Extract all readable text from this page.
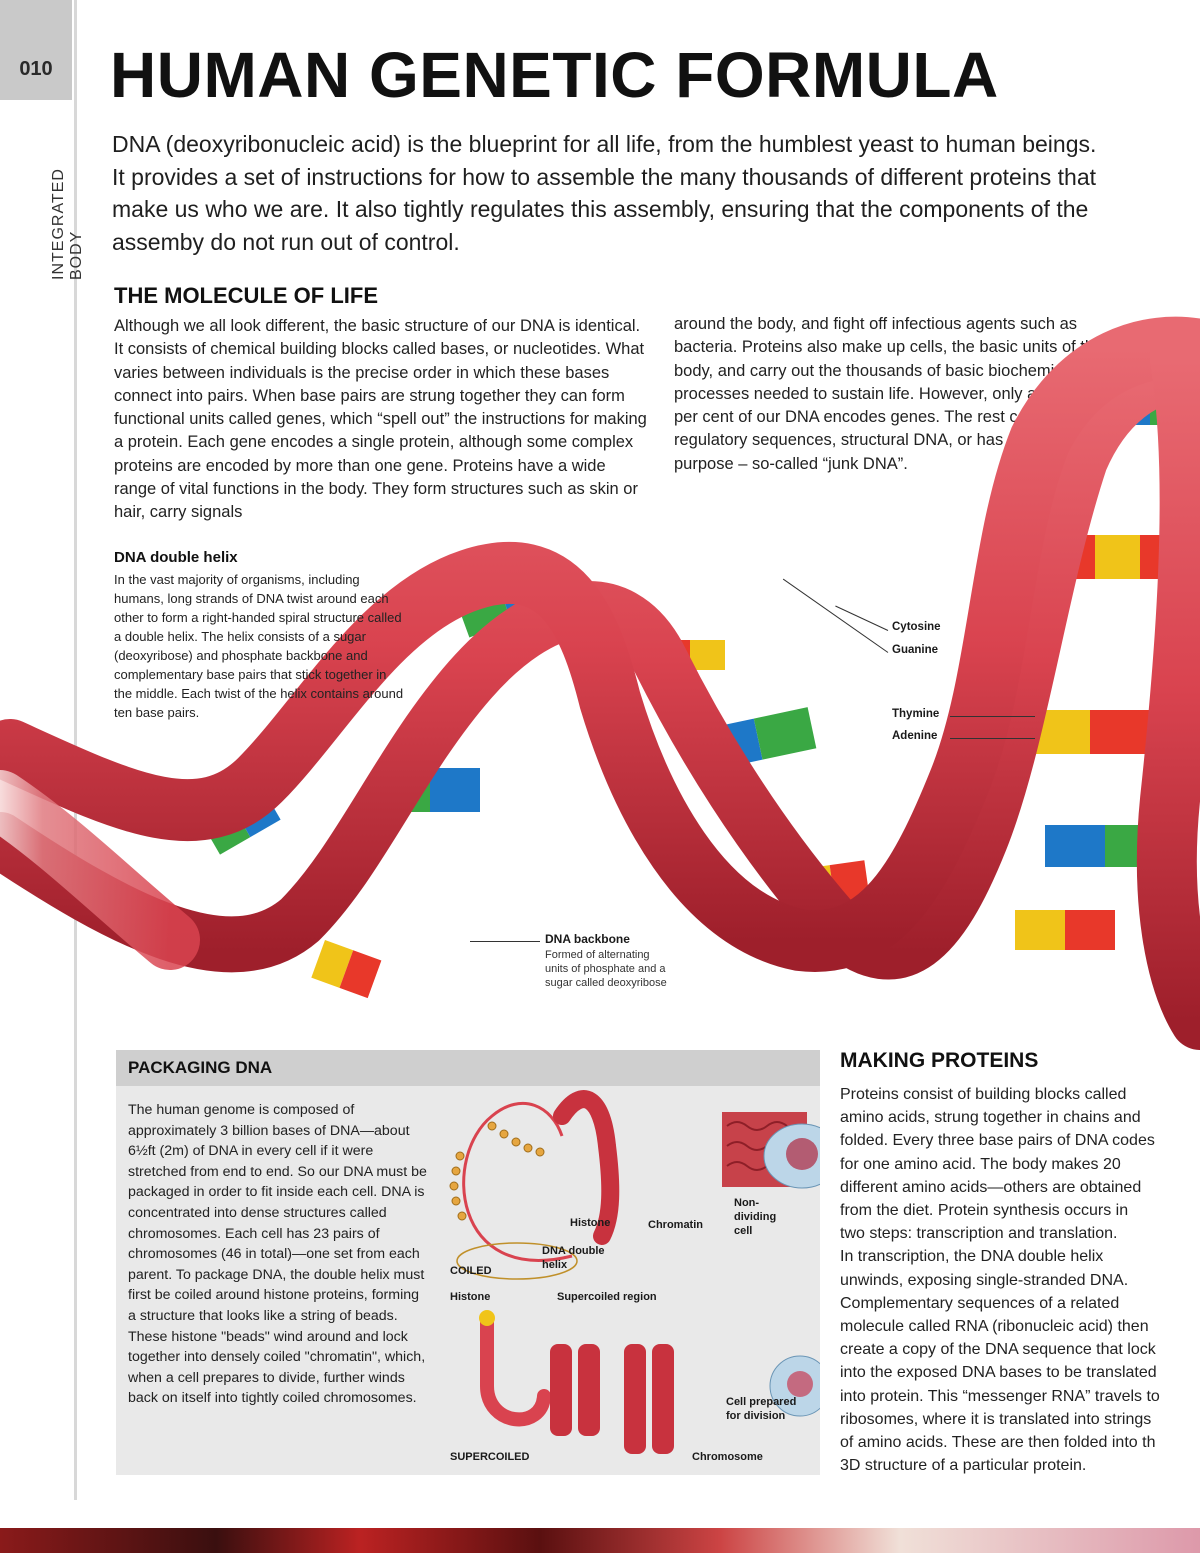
010
INTEGRATED BODY
HUMAN GENETIC FORMULA

DNA (deoxyribonucleic acid) is the blueprint for all life, from the humblest yeast to human beings. It provides a set of instructions for how to assemble the many thousands of different proteins that make us who we are. It also tightly regulates this assembly, ensuring that the components of the assemby do not run out of control.

THE MOLECULE OF LIFE

Although we all look different, the basic structure of our DNA is identical. It consists of chemical building blocks called bases, or nucleotides. What varies between individuals is the precise order in which these bases connect into pairs. When base pairs are strung together they can form functional units called genes, which “spell out” the instructions for making a protein. Each gene encodes a single protein, although some complex proteins are encoded by more than one gene. Proteins have a wide range of vital functions in the body. They form structures such as skin or hair, carry signals

around the body, and fight off infectious agents such as bacteria. Proteins also make up cells, the basic units of the body, and carry out the thousands of basic biochemical processes needed to sustain life. However, only about 1.5 per cent of our DNA encodes genes. The rest consists of regulatory sequences, structural DNA, or has no obvious purpose – so-called “junk DNA”.

DNA double helix

In the vast majority of organisms, including humans, long strands of DNA twist around each other to form a right-handed spiral structure called a double helix. The helix consists of a sugar (deoxyribose) and phosphate backbone and complementary base pairs that stick together in the middle. Each twist of the helix contains around ten base pairs.

Cytosine
Guanine
Thymine
Adenine
DNA backbone
Formed of alternating units of phosphate and a sugar called deoxyribose
PACKAGING DNA

The human genome is composed of approximately 3 billion bases of DNA—about 6½ft (2m) of DNA in every cell if it were stretched from end to end. So our DNA must be packaged in order to fit inside each cell. DNA is concentrated into dense structures called chromosomes. Each cell has 23 pairs of chromosomes (46 in total)—one set from each parent. To package DNA, the double helix must first be coiled around histone proteins, forming a structure that looks like a string of beads. These histone "beads" wind around and lock together into densely coiled "chromatin", which, when a cell prepares to divide, further winds back on itself into tightly coiled chromosomes.

Histone	Chromatin
Non-dividing cell
DNA double helix
COILED
Histone	Supercoiled region
Cell prepared for division
SUPERCOILED	Chromosome
MAKING PROTEINS
Proteins consist of building blocks called
amino acids, strung together in chains and
folded. Every three base pairs of DNA codes
for one amino acid. The body makes 20
different amino acids—others are obtained
from the diet. Protein synthesis occurs in
two steps: transcription and translation.
In transcription, the DNA double helix
unwinds, exposing single-stranded DNA.
Complementary sequences of a related
molecule called RNA (ribonucleic acid) then
create a copy of the DNA sequence that lock
into the exposed DNA bases to be translated
into protein. This “messenger RNA” travels to
ribosomes, where it is translated into strings
of amino acids. These are then folded into th
3D structure of a particular protein.
